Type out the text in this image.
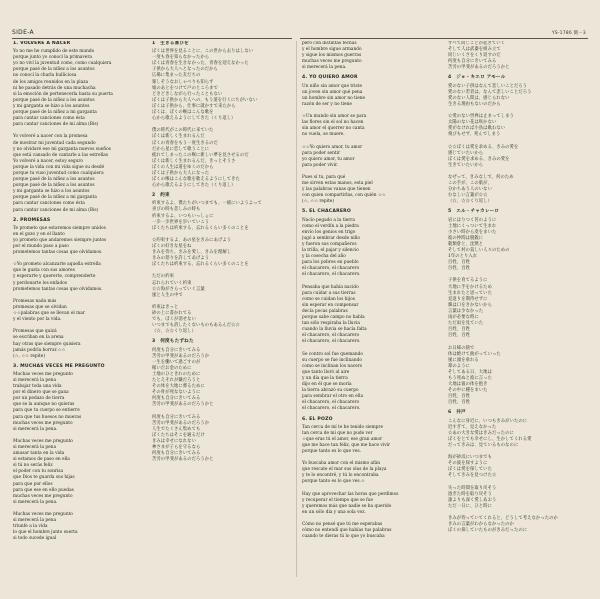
SIDE-A	YS-1786 側－3
1. VOLVERÉ A NACER
Yo no me he cumplido de este mundo
porque junto yo conocí la primavera
yo no viví la juventud como, como cualquiera
porque pasé de la niñez a los asuntos
no conocí la charla bulliciosa
de los amigos reunidos en la plaza
ni he pasado detrás de una muchacha
si la emoción de pertenecerla hasta su puerta
porque pasé de la niñez a los asuntos
y mi garganta se hizo a los asuntos
porque pasé de la niñez a mi garganta
para cantar canciones como ésta
para cantar canciones de mi alma (Bis)

Yo volveré a nacer con la promesa
de mostrar mi juventud cada segundo
y no olvidaré ese mi garganta nuevos sueños
que está cansado de cantarle a las estrellas
Yo volveré a nacer, estoy seguro
porque la vida con mi vida sigue su desdé
porque tu vuso juventud como cualquiera
porque pasé de la niñez a los asuntos
porque pasé de la niñez a los asuntos
y mi garganta se hizo a los asuntos
porque pasé de la niñez a mi garganta
para cantar canciones como ésta
para cantar canciones de mi alma (Bis)
2. PROMESAS
Te prometo que estaremos siempre unidos
en el gozo y en el llanto
yo prometo que andaremos siempre juntos
por el mundo paso a paso
prometemos tantas cosas que olvidamos.

☆Yo prometo alcanzarte aquella estrella
que le gusta con sus amores
y esperarte y quererte, comprenderte
y perdonarte los enfados
prometemos tantas cosas que olvidamos.

Promesas nada más
promesas que se olvidan
☆☆palabras que se llevan el mar
y el viento por la vida.

Promesas que quizá
se escriban en la arena
hay otras que siempre quisiera
jamás podría borrar.☆☆
(☆, ☆☆ repite)
3. MUCHAS VECES ME PREGUNTO
Muchas veces me pregunto
si merecerá la pena
trabajar toda una vida
por el dinero que se gana
por un pedazo de tierra
que se la aunque no quieras
para que tu cuerpo se entierre
para que tus huesos no mueras
muchas veces me pregunto
si merecerá la pena.

Muchas veces me pregunto
si merecerá la pena
amasar tanta en la vida
si estamos de paso en ella
si tú no serás feliz
el poder con tu sonrisa
que Dios te guarda sus hijas
para que por ellos
para que ese en ello puedas
muchas veces me pregunto
si merecerá la pena.

Muchas veces me pregunto
si merecerá la pena
triunfe a la vida
lo que el hombre junto suerta
si todo sucede igual
1　生きる喜びを
ぼくは世界を見ることに、この世から去りはしない
一度も春を知らなかったから
ぼくは青春を生きなかった、青春を迎えなかった
子供から大人へとなったのだから
広場に集まった友だちの
楽しそうなおしゃべりも知らず
娘のあとをつけて戸のところまで
どきどきしながら行ったこともない
ぼくは子供から大人への、もう道を行くにちがいない
ぼくは子供から、仕事に就かすで来たから
ぼくは、ぼくの喉はこんな歌を
心から歌えるようにしてきた（くり返し）

僕の時代がこの時代に来ていた
ぼくは新しく生まれるんだ
ぼくの青春をもう一度生きるのだ
だから星に恋して歌うことに
疲れてしまったこの喉に新しい夢を見させるのだ
ぼくは新しく生まれるんだ、きっとそうさ
ぼくの人生は道をゆくのだから
ぼくは子供から大人になった
ぼくの喉はこんな歌を歌えるようにしてきた
心から歌えるようにしてきた（くり返し）
2　約束
約束するよ、僕たちがいつまでも、一緒にいようよって
喜びの時も悲しみの時も
約束するよ、いつもいっしょに
一歩一歩世界を歩いていこう
ぼくたちは約束する、忘れるくらい多くのことを

☆約束するよ、あの星をきみにあげよう
ぼくの好きな星をね
きみを待ち、きみを愛し、きみを理解し
きみの怒りを許してあげよう
ぼくたちは約束する、忘れるくらい多くのことを

ただの約束
忘れられていく約束
☆☆海がさらっていく言葉
風と人生の中で

約束はきっと
砂の上に書かれてる
でも、ぼくが消せない
いつまでも消したくないものもあるんだ☆☆
（☆、☆☆くり返し）
3　何度もたずねた
何度も自分にきいてみる
苦労の甲斐があるのだろうか
一生を働いて過ごすのが
稼いだお金のために
土地のひときれのために
たとえそれが嫌だろうと
その体を大地に葬るために
その骨が死なないように
何度も自分にきいてみる
苦労の甲斐があるのだろうかと

何度も自分にきいてみる
苦労の甲斐があるのだろうか
人生でたくさん集めても
ぼくたちはそこを通るだけ
きみは幸せになれない
神さまが子らを守るなら
何度も自分にきいてみる
苦労の甲斐があるのだろうかと
pero con distintas fechas
y el hombre sigue armando
y sigue los mismos guerras
muchas veces me pregunto
si merecerá la pena.
4. YO QUIERO AMOR
Un niño sin amor que triste
un joven sin amor qué pena
un hombre sin amor no tiene
razón de ser y no tiene

☆Un mundo sin amor se para
las flores sin el sol no hacen
sin amor el querrer no canta
no vuela, se muere.

☆☆Yo quiero amor, tu amor
para poder sentir
yo quiero amor, tu amor
para poder vivir.

Pues sí tu, para qué
me sirven estas manos, esta piel
y las palabras vanas que tienen
con quien compartirlas, con quién ☆☆
(☆, ☆☆ repite)
5. EL CHACARERO
Nacío pegado a la tierra
como el verdín a la piedra
envío los genios en trigo
jugó a sembrar desde niño
y fueron sus compañeros
la trilla, el pajar y silencio
y la cosecha del año
para los pobres en pueblo
el chacarero, el chacarero
el chacarero, el chacarero.

Pensaba que había nacido
para cuidar a sus tierras
como se cuidan los hijos
sin esperar en compensar
decía pocas palabras
porque sabe campo no habla
tan sólo respiraba la lluvia
cuando la lluvia se hacía falta
el chacarero, el chacarero
el chacarero, el chacarero.

Se contro sol fue quemando
su cuerpo se fue inclinando
como se inclinan los nacers
que tanto lloró al aire
y un día que la tierra
dijo en él que se moría
la tierra abrazó su cuerpo
para sembrar el otro en ella
el chacarero, el chacarero
el chacarero, el chacarero.
6. EL POZO
Tan cerca de mí te he tenido siempre
tan cerca de mí que no pude ver
☆que eras tú el amor, ese gran amor
que me hace tan feliz, que me hace vivir
porque tanto es lo que ves.

Yo buscaba amor con el mismo afán
que rescate el mar sus olas de la playa
y te lo encontré, y tú lo encontraba
porque tanto es lo que ves.☆

Hay que aprovechar las horas que perdimos
y recuperar el tiempo que se fue
y queremos más que nadie se ha querido
en un sólo día y una sola vez.

Cómo no pensé que tú me esperabas
cómo no entendí que habías tus palabras
cuando te dieras tú lo que yo buscaba
すべて同じことが起きていく
そして人は武器を組み立て
同じいくさをくり返すのだ
何度も自分にきいてみる
苦労の甲斐があるのだろうかと
4　ジョ・キエロ アモール
愛のない子供はなんて悲しいことだろう
愛のない若者は、なんて悲しいことだろう
愛のない人間は、感じられない
生きる理由もないのだから

☆愛のない世界は止まってしまう
太陽のない花は咲かない
愛がなければ小鳥は歌わない
飛びもせず、死んでしまう

☆☆ぼくは愛を求める、きみの愛を
感じていたいから
ぼくは愛を求める、きみの愛を
生きていたいから

なぜって、きみなしで、何のため
この手が、この肌が、
分かちあう人のいない
むなしい言葉が☆☆
（☆、☆☆くり返し）
5　エル・チャカレーロ
岩にはりつく苔のように
土地にくっついて生まれ
小さい時から麦をまいた
彼の仲間は脱穀に
穀類倉と、沈黙と
そして村の貧しい人々のための
1年のとり入れ
百姓、百姓
百姓、百姓

子供を育てるように
大地に手をかけるため
生まれたと思っていた
見返りを期待せずに
畑は口をきかないから
言葉は少なかった
雨が必要な時に
ただ雨を見ていた
百姓、百姓
百姓、百姓

お日様の熱で
体は焼けて曲がっていった
風に頭を垂れる
葦のように
そしてある日、大地は
もう死ぬと彼に言った
大地は彼の体を抱き
その中に種をまいた
百姓、百姓
百姓、百姓
6　井戸
こんなに身近に、いつもきみがいたのに
近すぎて、見えなかった
☆あの大きな愛はきみだったのに
ぼくをとても幸せにし、生かしてくれる愛
だってきみは、見ているものなのに

海が砂浜にいつまでも
その波を探すように
ぼくは愛を探していた
そしてきみを見つけた☆

失った時間を取り戻そう
過ぎた時を取り戻そう
誰よりも深く愛しあおう
ただ一日に、ひと時に

きみが待っていてくれると、どうして考えなかったのか
きみの言葉がわからなかったのか
ぼくの探していたものがきみだったのに
